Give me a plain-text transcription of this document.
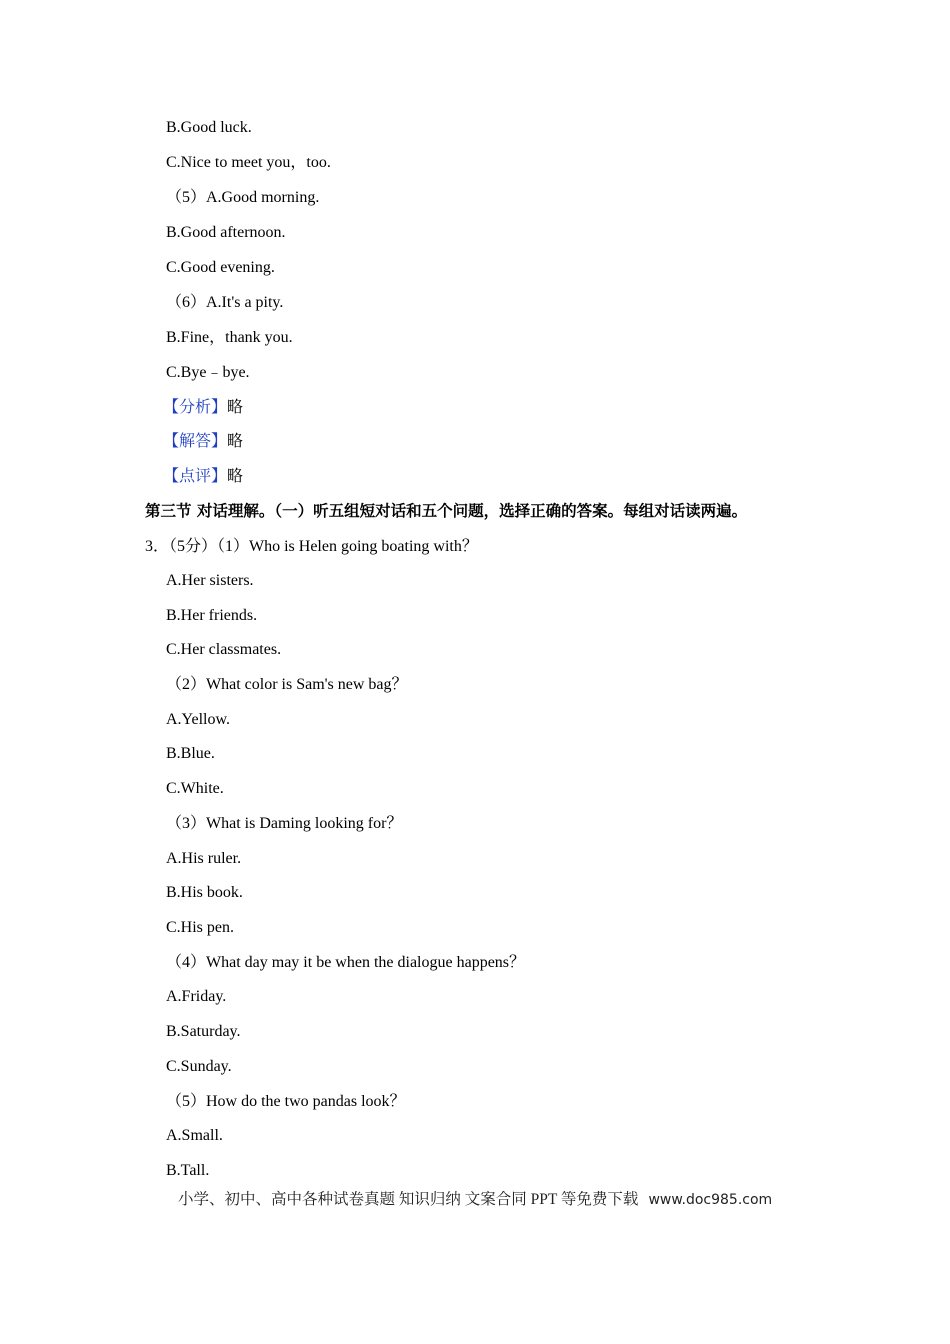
B.Good luck.
C.Nice to meet you，too.
（5）A.Good morning.
B.Good afternoon.
C.Good evening.
（6）A.It's a pity.
B.Fine，thank you.
C.Bye﹣bye.
【分析】略
【解答】略
【点评】略
第三节 对话理解。（一）听五组短对话和五个问题，选择正确的答案。每组对话读两遍。
3．（5分）（1）Who is Helen going boating with？
A.Her sisters.
B.Her friends.
C.Her classmates.
（2）What color is Sam's new bag？
A.Yellow.
B.Blue.
C.White.
（3）What is Daming looking for？
A.His ruler.
B.His book.
C.His pen.
（4）What day may it be when the dialogue happens？
A.Friday.
B.Saturday.
C.Sunday.
（5）How do the two pandas look？
A.Small.
B.Tall.
小学、初中、高中各种试卷真题 知识归纳 文案合同 PPT 等免费下载 www.doc985.com
